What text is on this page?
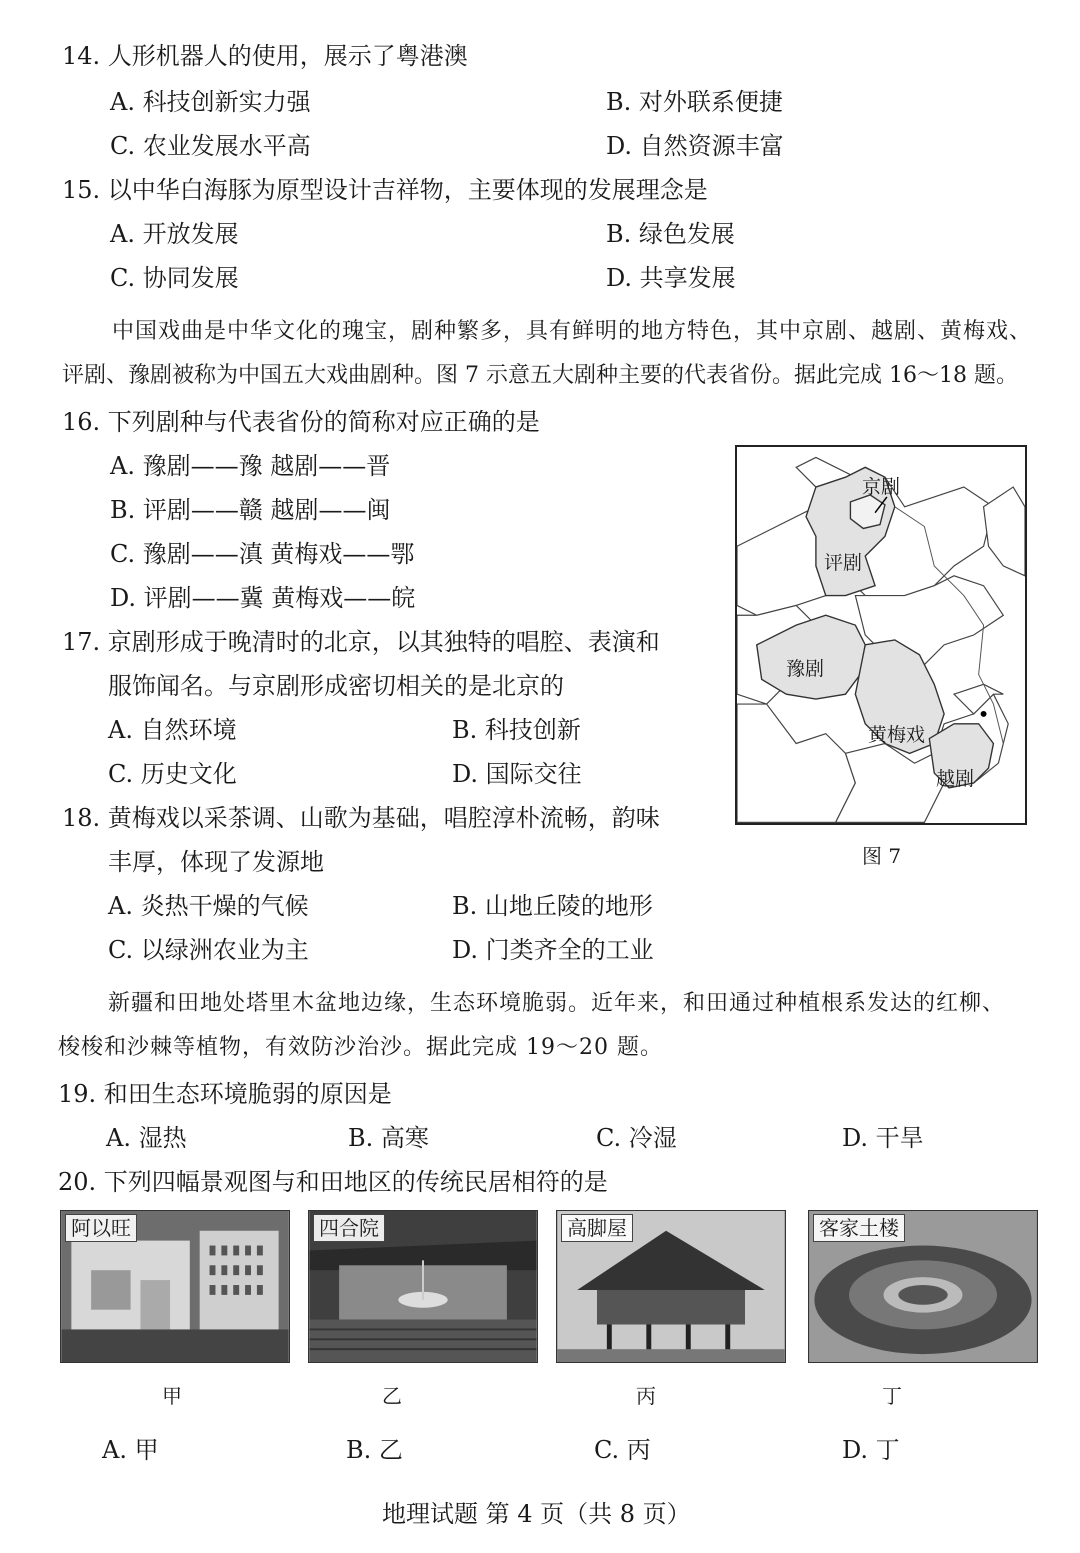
14. 人形机器人的使用，展示了粤港澳
A. 科技创新实力强	B. 对外联系便捷
C. 农业发展水平高	D. 自然资源丰富
15. 以中华白海豚为原型设计吉祥物，主要体现的发展理念是
A. 开放发展	B. 绿色发展
C. 协同发展	D. 共享发展
中国戏曲是中华文化的瑰宝，剧种繁多，具有鲜明的地方特色，其中京剧、越剧、黄梅戏、
评剧、豫剧被称为中国五大戏曲剧种。图 7 示意五大剧种主要的代表省份。据此完成 16～18 题。
16. 下列剧种与代表省份的简称对应正确的是
A. 豫剧——豫 越剧——晋
B. 评剧——赣 越剧——闽
C. 豫剧——滇 黄梅戏——鄂
D. 评剧——冀 黄梅戏——皖
17. 京剧形成于晚清时的北京，以其独特的唱腔、表演和
服饰闻名。与京剧形成密切相关的是北京的
A. 自然环境	B. 科技创新
C. 历史文化	D. 国际交往
18. 黄梅戏以采茶调、山歌为基础，唱腔淳朴流畅，韵味
丰厚，体现了发源地
A. 炎热干燥的气候	B. 山地丘陵的地形
C. 以绿洲农业为主	D. 门类齐全的工业
京剧
评剧
豫剧
黄梅戏
越剧
图 7
新疆和田地处塔里木盆地边缘，生态环境脆弱。近年来，和田通过种植根系发达的红柳、
梭梭和沙棘等植物，有效防沙治沙。据此完成 19～20 题。
19. 和田生态环境脆弱的原因是
A. 湿热	B. 高寒	C. 冷湿	D. 干旱
20. 下列四幅景观图与和田地区的传统民居相符的是
阿以旺	四合院	高脚屋	客家土楼
甲	乙	丙	丁
A. 甲	B. 乙	C. 丙	D. 丁
地理试题 第 4 页（共 8 页）
